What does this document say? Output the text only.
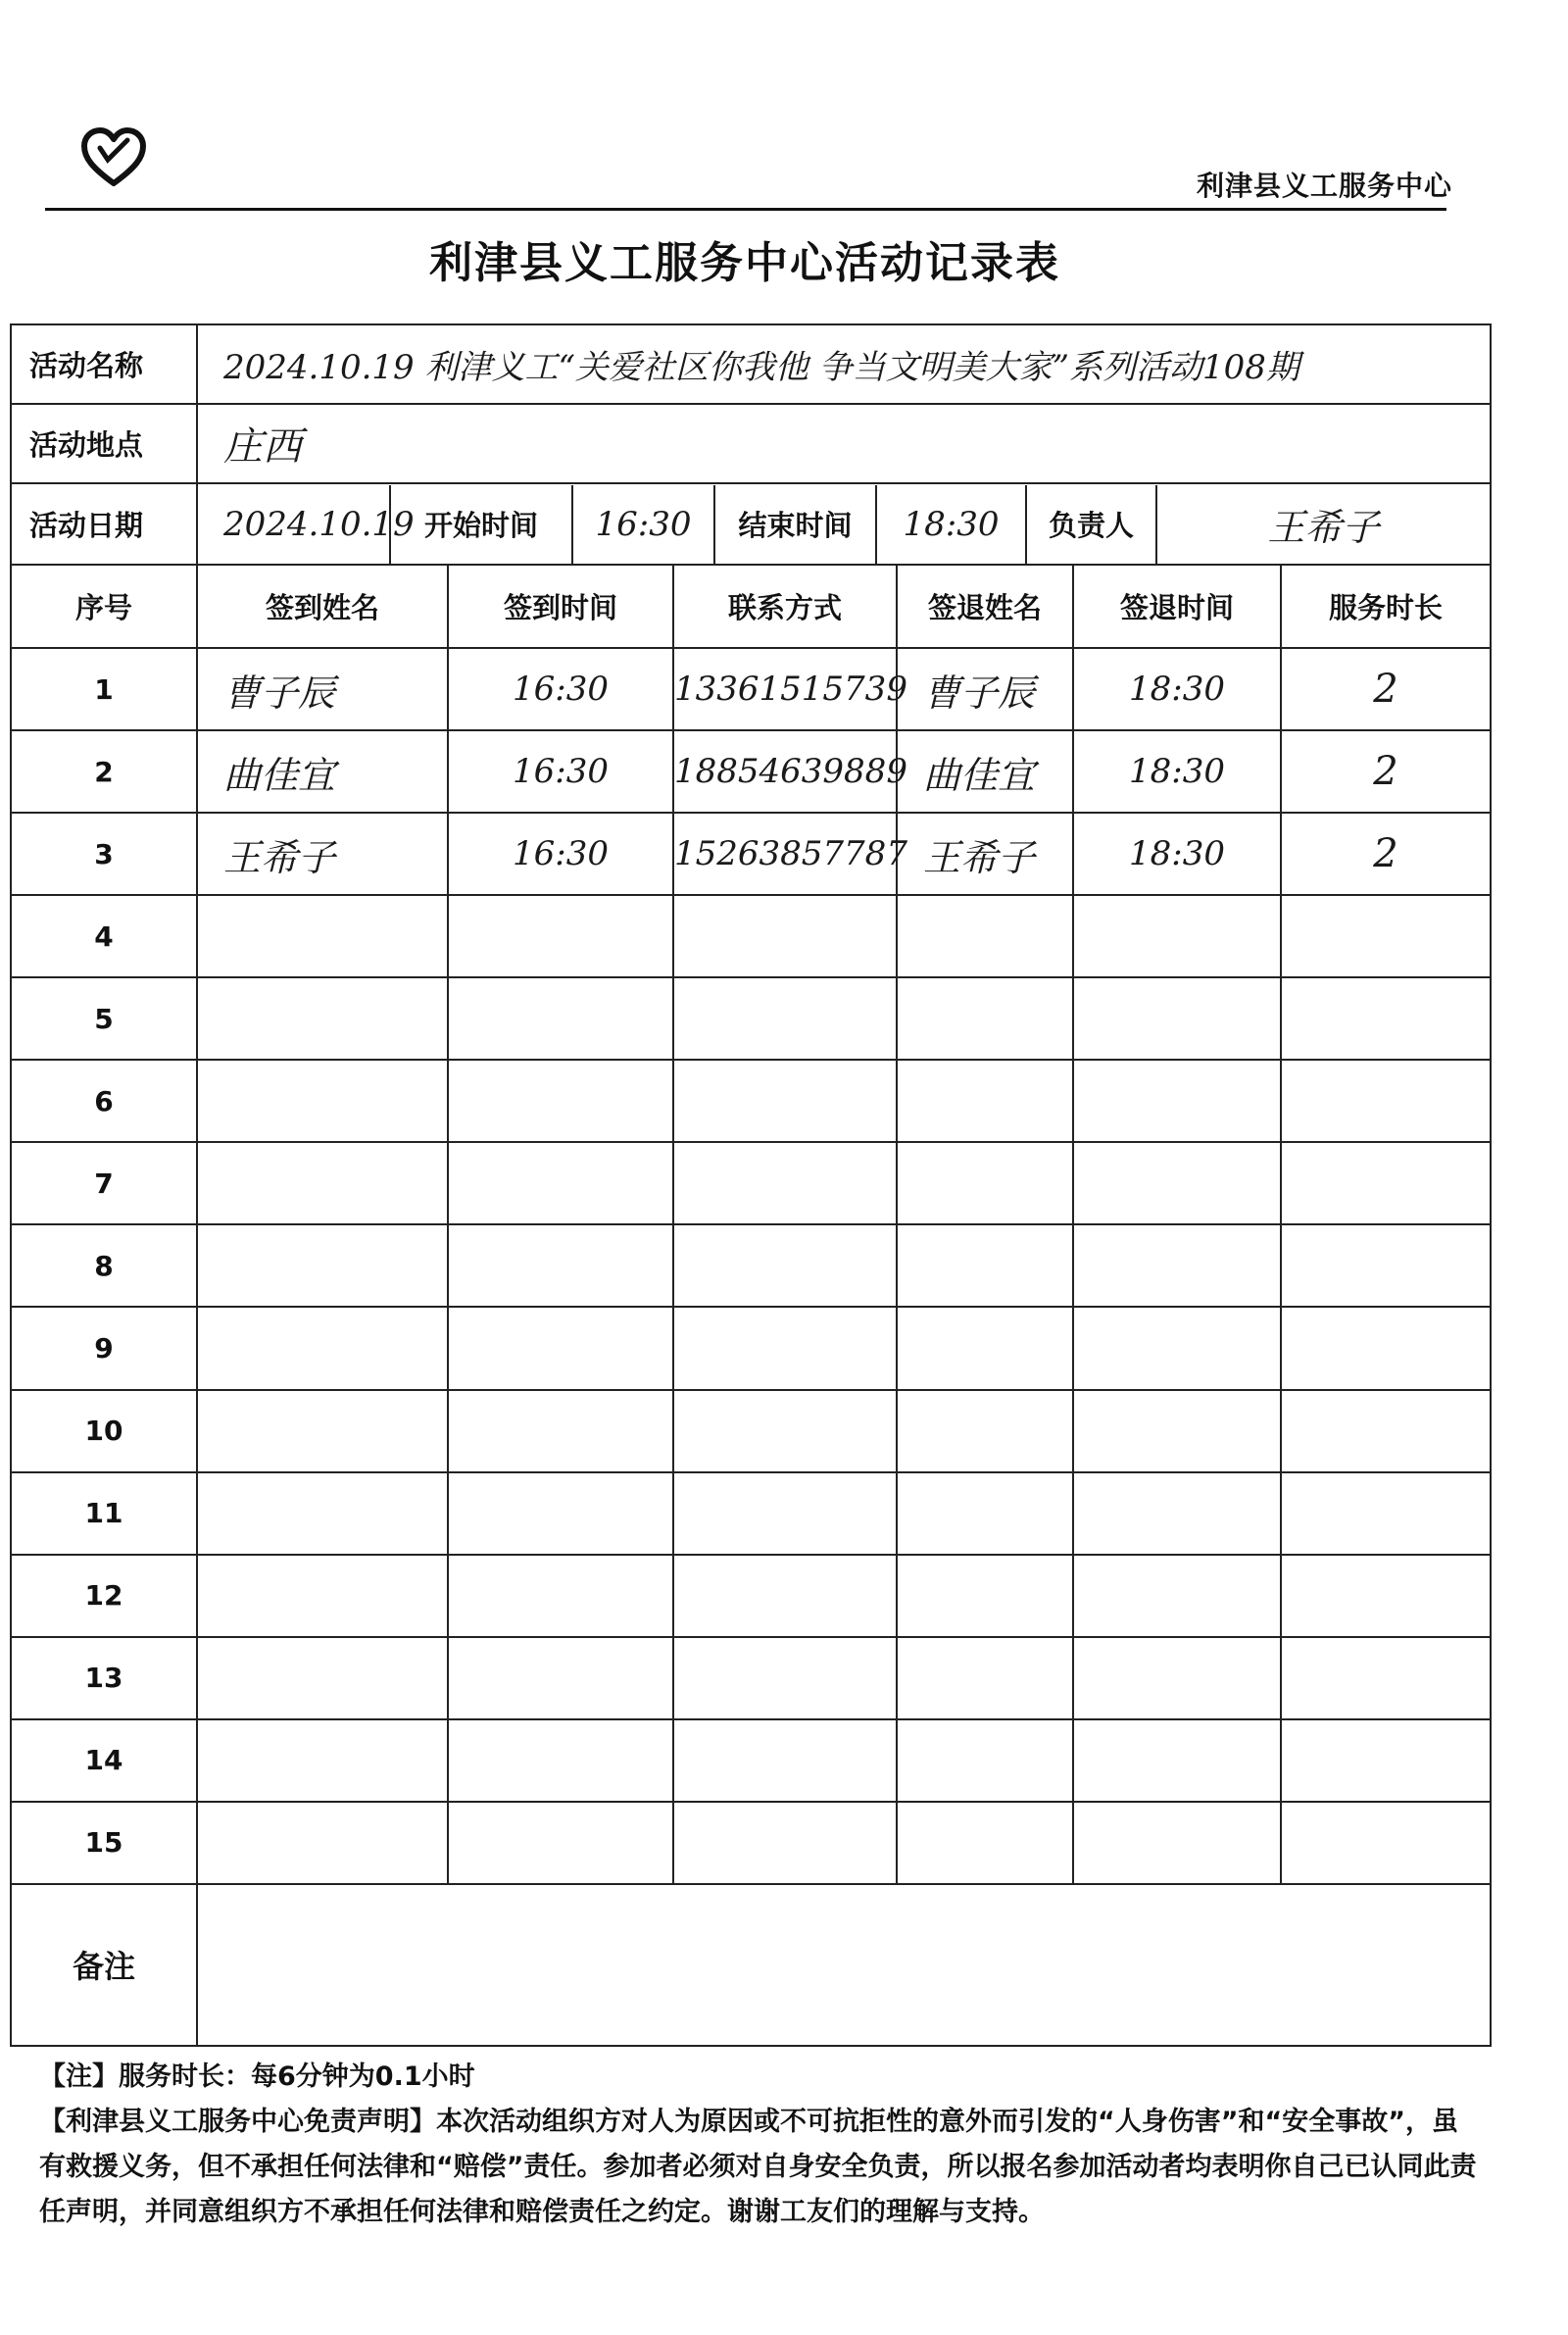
利津县义工服务中心
利津县义工服务中心活动记录表
活动名称	2024.10.19 利津义工“关爱社区你我他 争当文明美大家”系列活动108期
活动地点	庄西
活动日期	2024.10.19	开始时间	16:30	结束时间	18:30	负责人	王希子

序号	签到姓名	签到时间	联系方式	签退姓名	签退时间	服务时长
1	曹子辰	16:30	13361515739	曹子辰	18:30	2
2	曲佳宜	16:30	18854639889	曲佳宜	18:30	2
3	王希子	16:30	15263857787	王希子	18:30	2
4						
5						
6						
7						
8						
9						
10						
11						
12						
13						
14						
15						
备注	

【注】服务时长：每6分钟为0.1小时

【利津县义工服务中心免责声明】本次活动组织方对人为原因或不可抗拒性的意外而引发的“人身伤害”和“安全事故”，虽有救援义务，但不承担任何法律和“赔偿”责任。参加者必须对自身安全负责，所以报名参加活动者均表明你自己已认同此责任声明，并同意组织方不承担任何法律和赔偿责任之约定。谢谢工友们的理解与支持。
